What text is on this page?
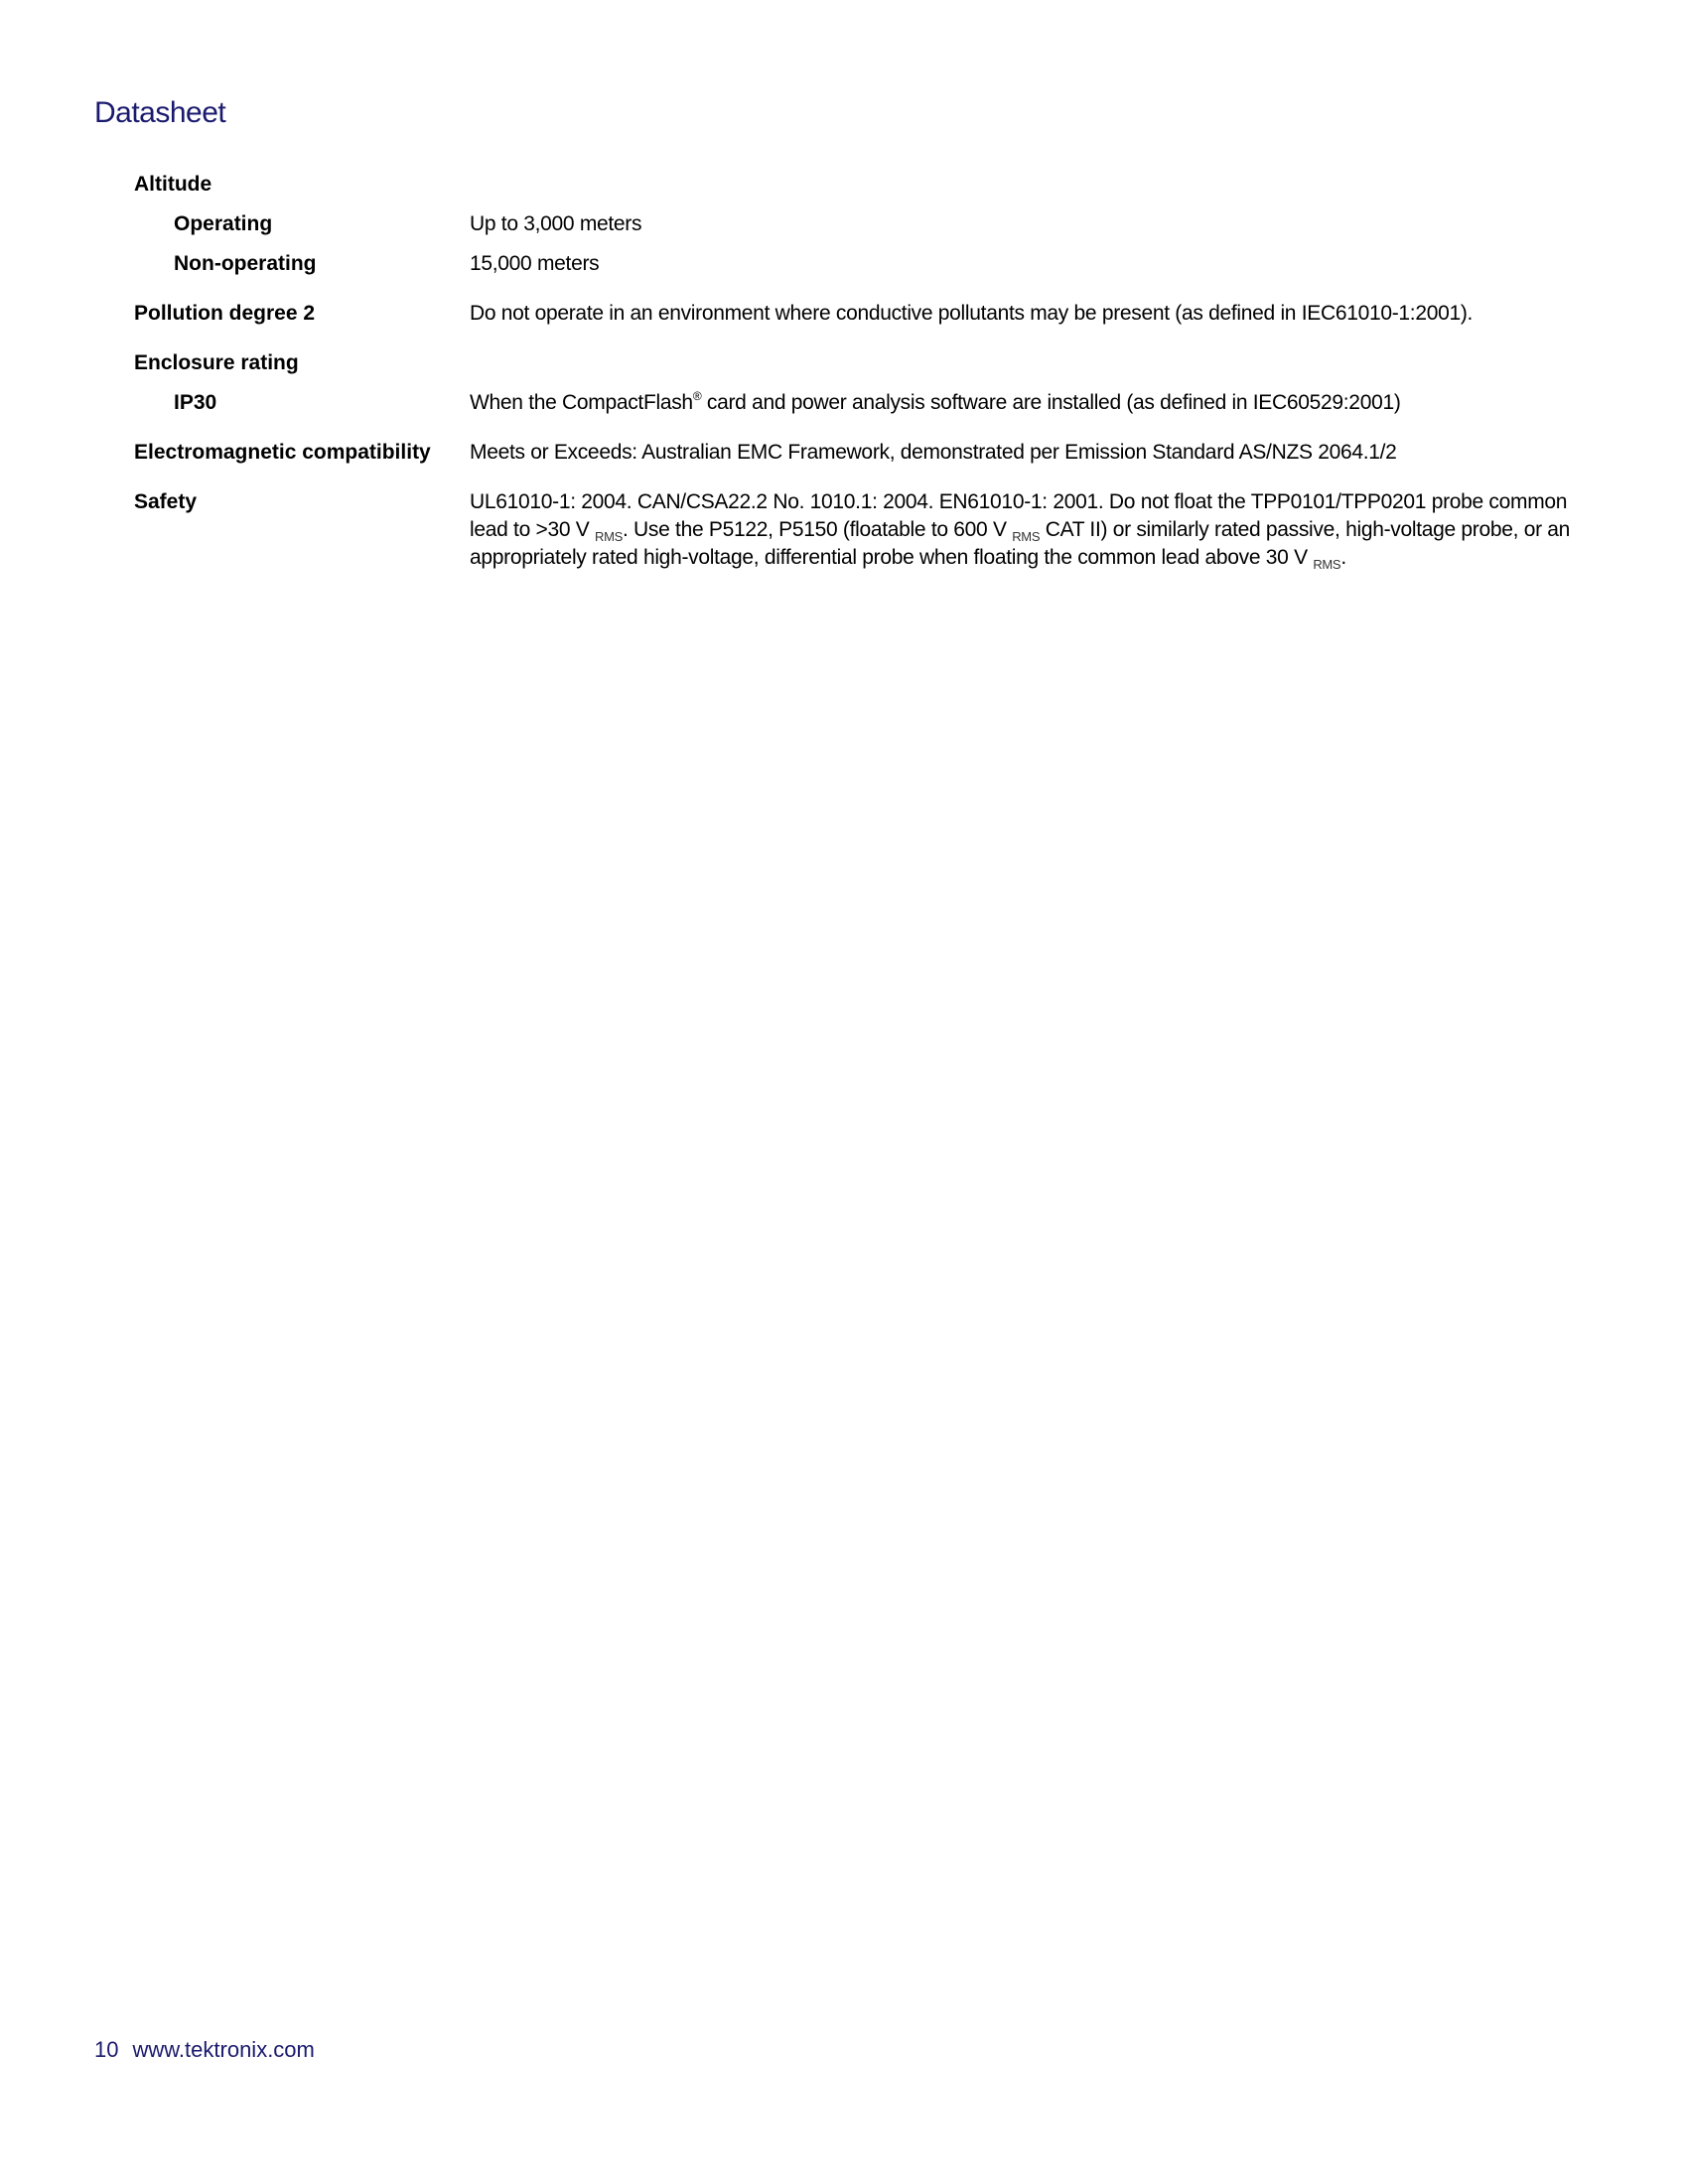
Datasheet
Altitude
Operating	Up to 3,000 meters
Non-operating	15,000 meters
Pollution degree 2	Do not operate in an environment where conductive pollutants may be present (as defined in IEC61010-1:2001).
Enclosure rating
IP30	When the CompactFlash® card and power analysis software are installed (as defined in IEC60529:2001)
Electromagnetic compatibility	Meets or Exceeds: Australian EMC Framework, demonstrated per Emission Standard AS/NZS 2064.1/2
Safety	UL61010-1: 2004. CAN/CSA22.2 No. 1010.1: 2004. EN61010-1: 2001. Do not float the TPP0101/TPP0201 probe common lead to >30 V $_{RMS}$. Use the P5122, P5150 (floatable to 600 V $_{RMS}$ CAT II) or similarly rated passive, high-voltage probe, or an appropriately rated high-voltage, differential probe when floating the common lead above 30 V $_{RMS}$.
10 www.tektronix.com
